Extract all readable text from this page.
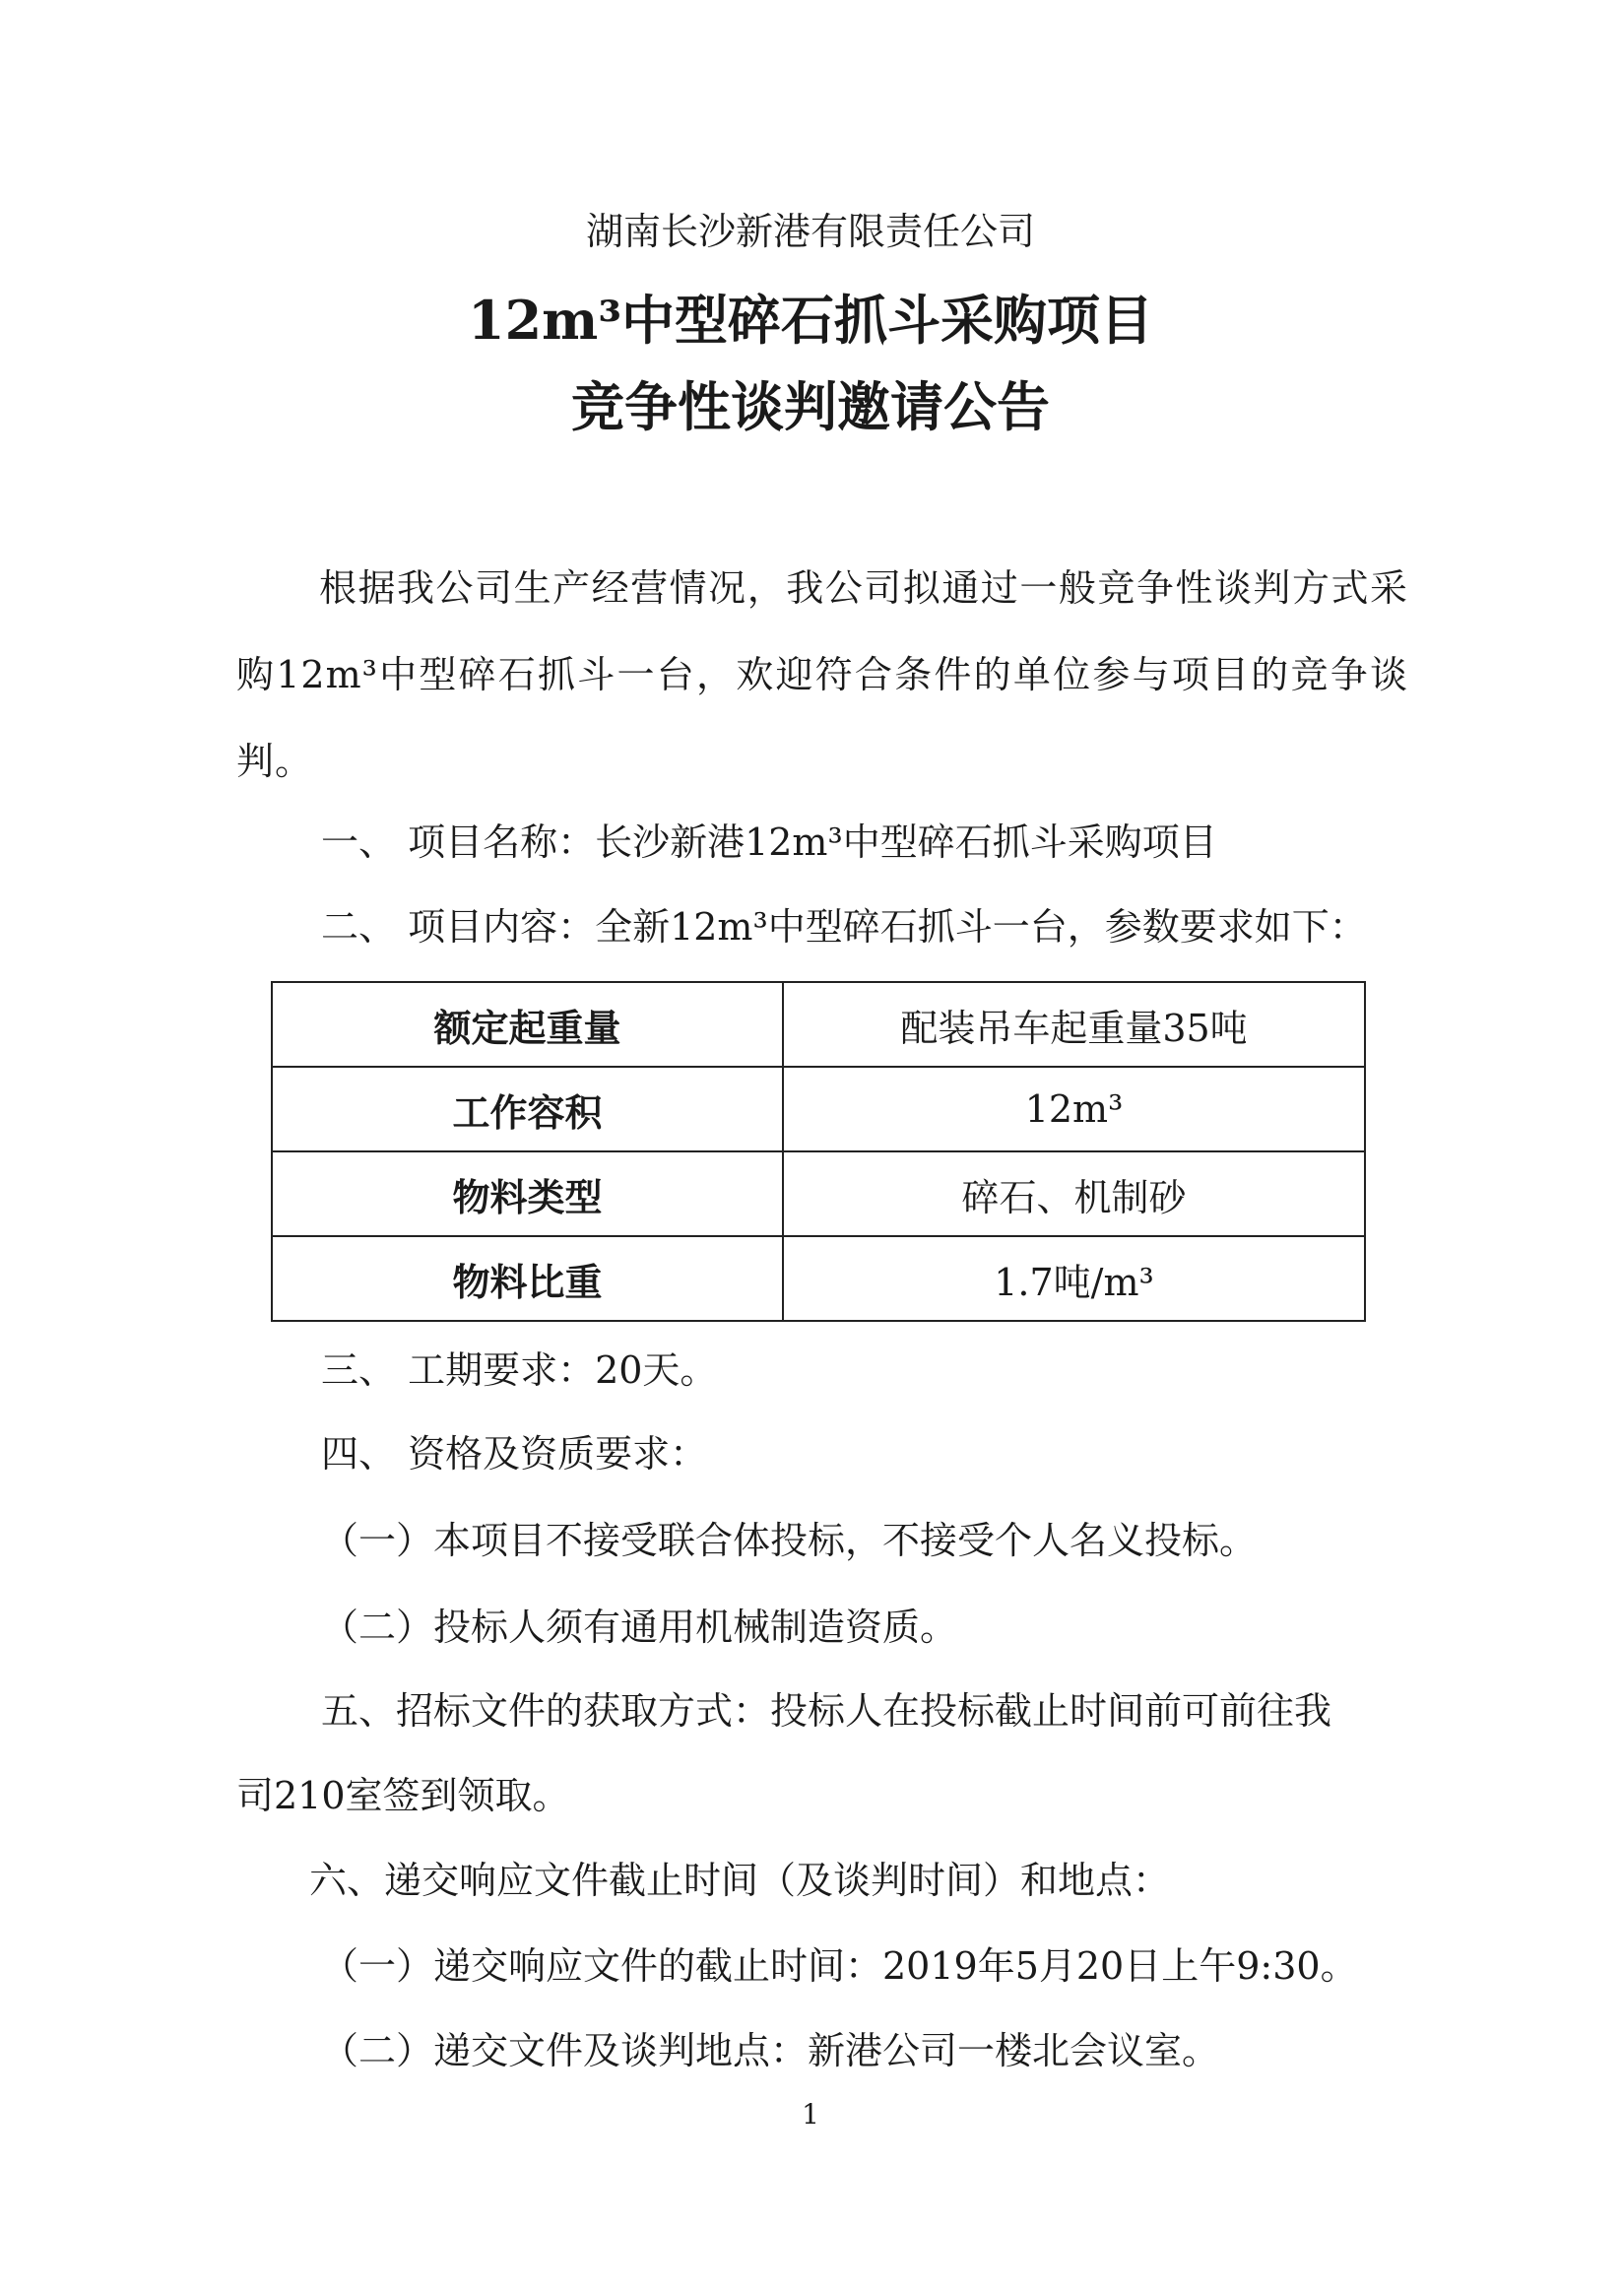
湖南长沙新港有限责任公司
12m³中型碎石抓斗采购项目
竞争性谈判邀请公告
根据我公司生产经营情况，我公司拟通过一般竞争性谈判方式采购12m³中型碎石抓斗一台，欢迎符合条件的单位参与项目的竞争谈判。
一、 项目名称：长沙新港12m³中型碎石抓斗采购项目
二、 项目内容：全新12m³中型碎石抓斗一台，参数要求如下：
额定起重量	配装吊车起重量35吨
工作容积	12m³
物料类型	碎石、机制砂
物料比重	1.7吨/m³
三、 工期要求：20天。
四、 资格及资质要求：
（一）本项目不接受联合体投标，不接受个人名义投标。
（二）投标人须有通用机械制造资质。
五、招标文件的获取方式：投标人在投标截止时间前可前往我
司210室签到领取。
六、递交响应文件截止时间（及谈判时间）和地点：
（一）递交响应文件的截止时间：2019年5月20日上午9:30。
（二）递交文件及谈判地点：新港公司一楼北会议室。
1
